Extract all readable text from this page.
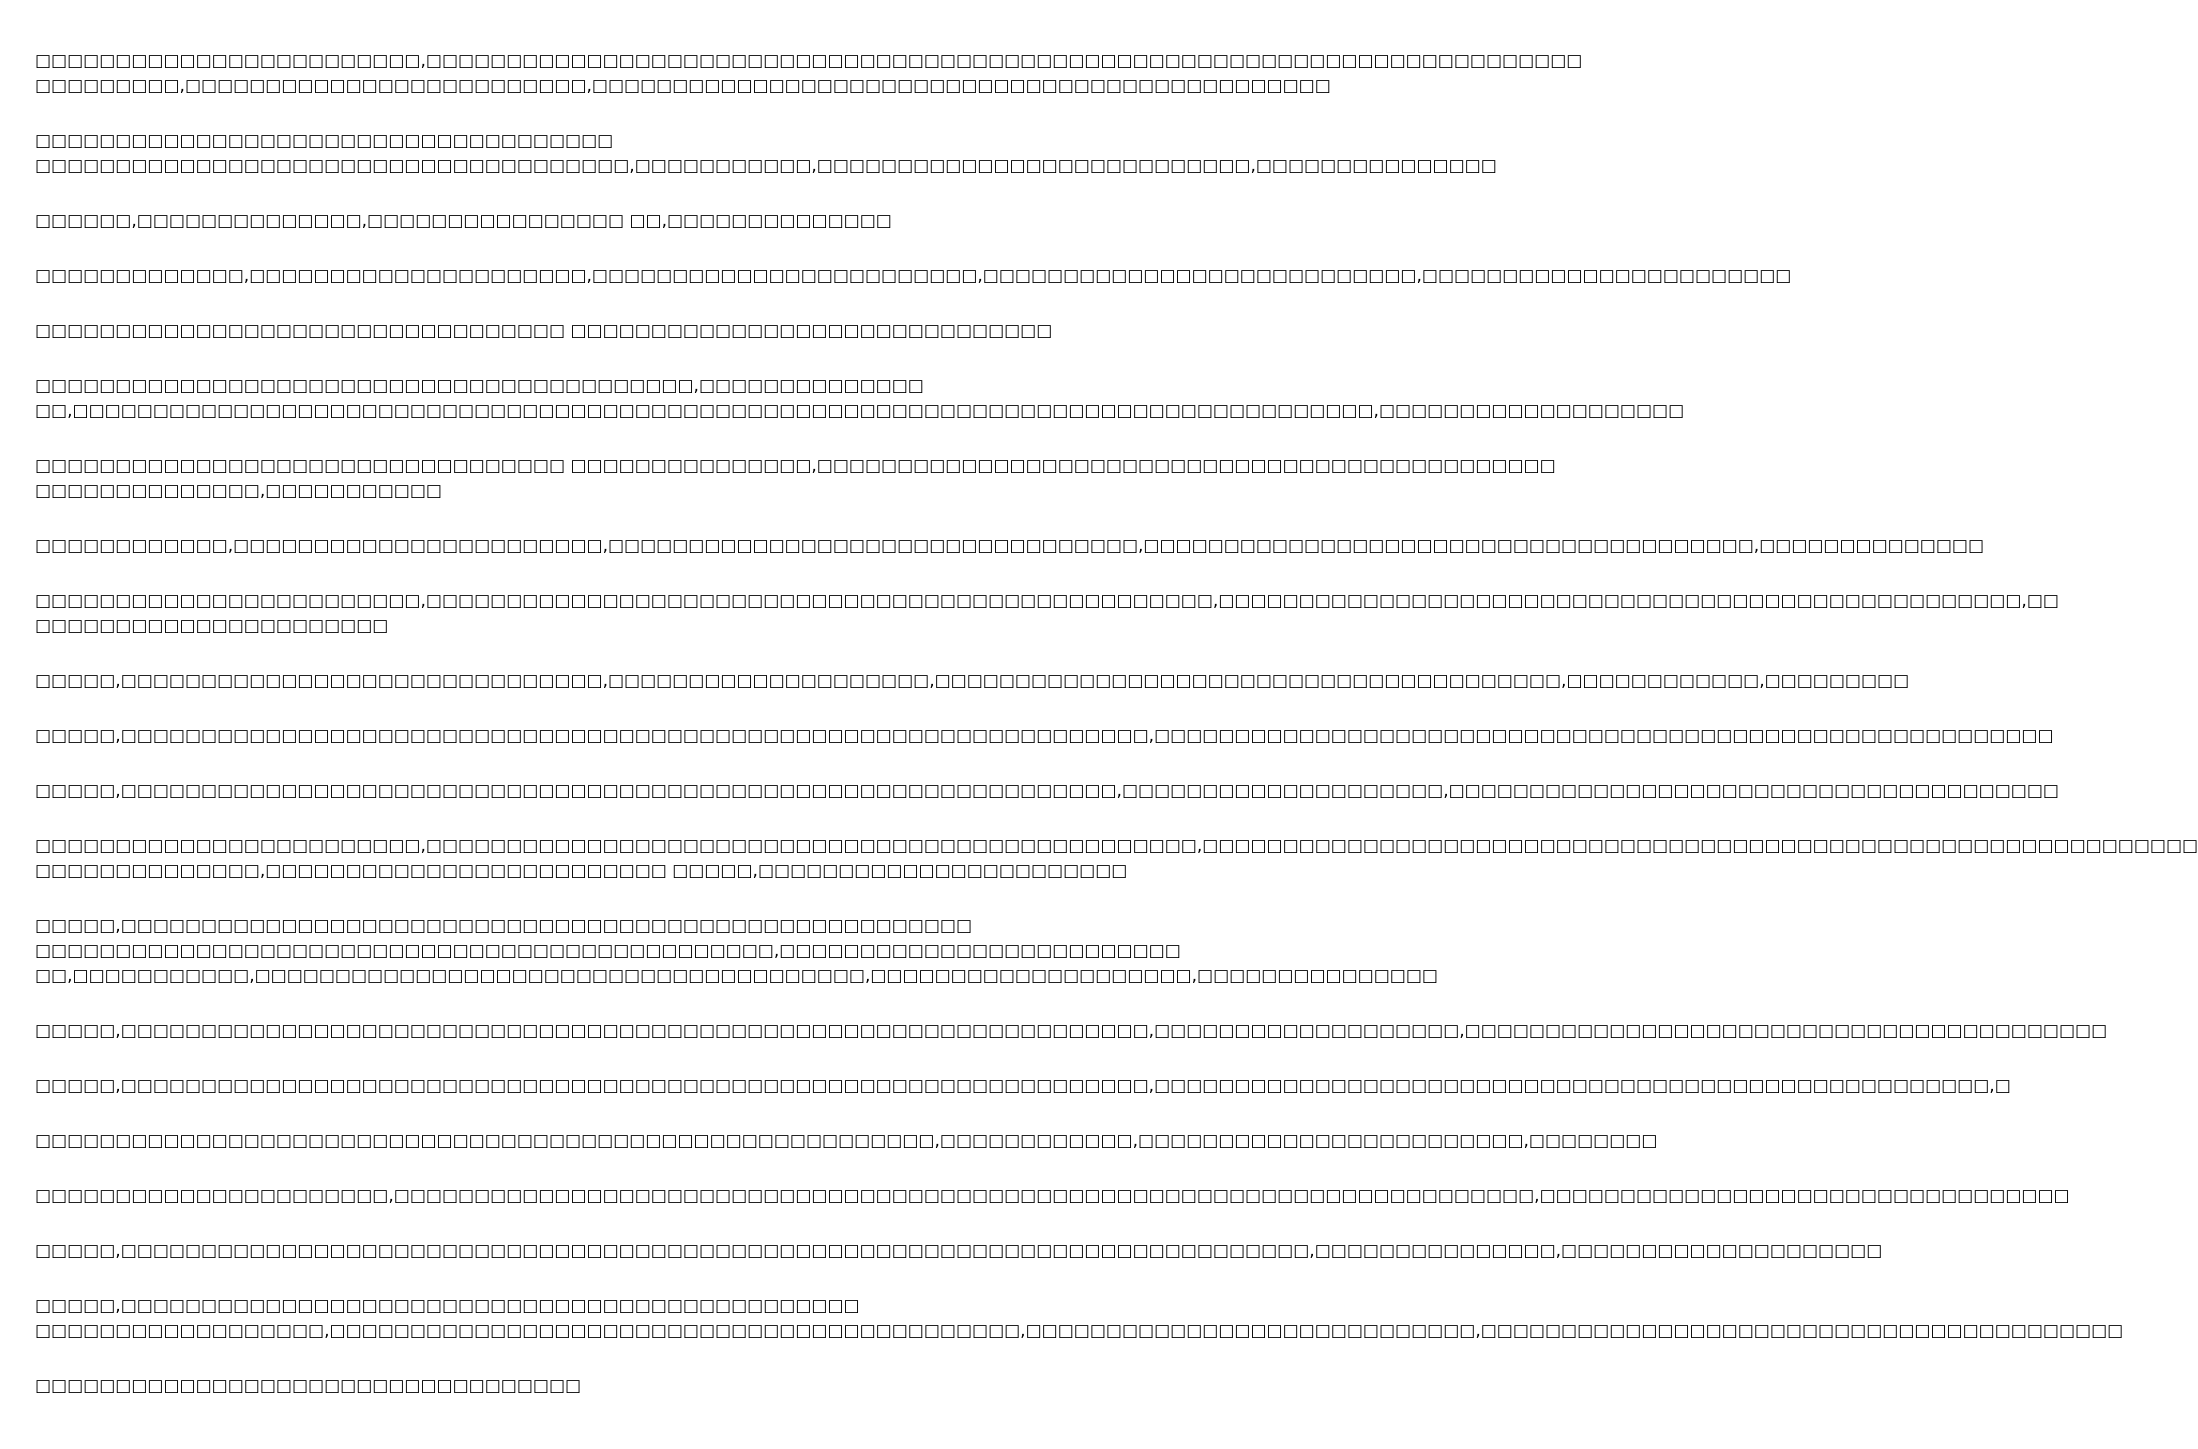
□□□□□□□□□□□□□□□□□□□□□□□□,□□□□□□□□□□□□□□□□□□□□□□□□□□□□□□□□□□□□□□□□□□□□□□□□□□□□□□□□□□□□□□□□□□□□□□□□
□□□□□□□□□,□□□□□□□□□□□□□□□□□□□□□□□□□,□□□□□□□□□□□□□□□□□□□□□□□□□□□□□□□□□□□□□□□□□□□□□□
□□□□□□□□□□□□□□□□□□□□□□□□□□□□□□□□□□□□
□□□□□□□□□□□□□□□□□□□□□□□□□□□□□□□□□□□□□,□□□□□□□□□□□,□□□□□□□□□□□□□□□□□□□□□□□□□□□,□□□□□□□□□□□□□□□
□□□□□□,□□□□□□□□□□□□□□,□□□□□□□□□□□□□□□□ □□,□□□□□□□□□□□□□□
□□□□□□□□□□□□□,□□□□□□□□□□□□□□□□□□□□□,□□□□□□□□□□□□□□□□□□□□□□□□,□□□□□□□□□□□□□□□□□□□□□□□□□□□,□□□□□□□□□□□□□□□□□□□□□□□
□□□□□□□□□□□□□□□□□□□□□□□□□□□□□□□□□ □□□□□□□□□□□□□□□□□□□□□□□□□□□□□□
□□□□□□□□□□□□□□□□□□□□□□□□□□□□□□□□□□□□□□□□□,□□□□□□□□□□□□□□
□□,□□□□□□□□□□□□□□□□□□□□□□□□□□□□□□□□□□□□□□□□□□□□□□□□□□□□□□□□□□□□□□□□□□□□□□□□□□□□□□□□□,□□□□□□□□□□□□□□□□□□□
□□□□□□□□□□□□□□□□□□□□□□□□□□□□□□□□□ □□□□□□□□□□□□□□□,□□□□□□□□□□□□□□□□□□□□□□□□□□□□□□□□□□□□□□□□□□□□□□
□□□□□□□□□□□□□□,□□□□□□□□□□□
□□□□□□□□□□□□,□□□□□□□□□□□□□□□□□□□□□□□,□□□□□□□□□□□□□□□□□□□□□□□□□□□□□□□□□,□□□□□□□□□□□□□□□□□□□□□□□□□□□□□□□□□□□□□□,□□□□□□□□□□□□□□
□□□□□□□□□□□□□□□□□□□□□□□□,□□□□□□□□□□□□□□□□□□□□□□□□□□□□□□□□□□□□□□□□□□□□□□□□□,□□□□□□□□□□□□□□□□□□□□□□□□□□□□□□□□□□□□□□□□□□□□□□□□□□,□□
□□□□□□□□□□□□□□□□□□□□□□
□□□□□,□□□□□□□□□□□□□□□□□□□□□□□□□□□□□□,□□□□□□□□□□□□□□□□□□□□,□□□□□□□□□□□□□□□□□□□□□□□□□□□□□□□□□□□□□□□,□□□□□□□□□□□□,□□□□□□□□□
□□□□□,□□□□□□□□□□□□□□□□□□□□□□□□□□□□□□□□□□□□□□□□□□□□□□□□□□□□□□□□□□□□□□□□,□□□□□□□□□□□□□□□□□□□□□□□□□□□□□□□□□□□□□□□□□□□□□□□□□□□□□□□□
□□□□□,□□□□□□□□□□□□□□□□□□□□□□□□□□□□□□□□□□□□□□□□□□□□□□□□□□□□□□□□□□□□□□,□□□□□□□□□□□□□□□□□□□□,□□□□□□□□□□□□□□□□□□□□□□□□□□□□□□□□□□□□□□
□□□□□□□□□□□□□□□□□□□□□□□□,□□□□□□□□□□□□□□□□□□□□□□□□□□□□□□□□□□□□□□□□□□□□□□□□,□□□□□□□□□□□□□□□□□□□□□□□□□□□□□□□□□□□□□□□□□□□□□□□□□□□□□□□□□□□□□□
□□□□□□□□□□□□□□,□□□□□□□□□□□□□□□□□□□□□□□□□ □□□□□,□□□□□□□□□□□□□□□□□□□□□□□
□□□□□,□□□□□□□□□□□□□□□□□□□□□□□□□□□□□□□□□□□□□□□□□□□□□□□□□□□□□
□□□□□□□□□□□□□□□□□□□□□□□□□□□□□□□□□□□□□□□□□□□□□□,□□□□□□□□□□□□□□□□□□□□□□□□□
□□,□□□□□□□□□□□,□□□□□□□□□□□□□□□□□□□□□□□□□□□□□□□□□□□□□□,□□□□□□□□□□□□□□□□□□□□,□□□□□□□□□□□□□□□
□□□□□,□□□□□□□□□□□□□□□□□□□□□□□□□□□□□□□□□□□□□□□□□□□□□□□□□□□□□□□□□□□□□□□□,□□□□□□□□□□□□□□□□□□□,□□□□□□□□□□□□□□□□□□□□□□□□□□□□□□□□□□□□□□□□
□□□□□,□□□□□□□□□□□□□□□□□□□□□□□□□□□□□□□□□□□□□□□□□□□□□□□□□□□□□□□□□□□□□□□□,□□□□□□□□□□□□□□□□□□□□□□□□□□□□□□□□□□□□□□□□□□□□□□□□□□□□,□
□□□□□□□□□□□□□□□□□□□□□□□□□□□□□□□□□□□□□□□□□□□□□□□□□□□□□□□□,□□□□□□□□□□□□,□□□□□□□□□□□□□□□□□□□□□□□□,□□□□□□□□
□□□□□□□□□□□□□□□□□□□□□□,□□□□□□□□□□□□□□□□□□□□□□□□□□□□□□□□□□□□□□□□□□□□□□□□□□□□□□□□□□□□□□□□□□□□□□□,□□□□□□□□□□□□□□□□□□□□□□□□□□□□□□□□□
□□□□□,□□□□□□□□□□□□□□□□□□□□□□□□□□□□□□□□□□□□□□□□□□□□□□□□□□□□□□□□□□□□□□□□□□□□□□□□□□,□□□□□□□□□□□□□□□,□□□□□□□□□□□□□□□□□□□□
□□□□□,□□□□□□□□□□□□□□□□□□□□□□□□□□□□□□□□□□□□□□□□□□□□□□
□□□□□□□□□□□□□□□□□□,□□□□□□□□□□□□□□□□□□□□□□□□□□□□□□□□□□□□□□□□□□□,□□□□□□□□□□□□□□□□□□□□□□□□□□□□,□□□□□□□□□□□□□□□□□□□□□□□□□□□□□□□□□□□□□□□□
□□□□□□□□□□□□□□□□□□□□□□□□□□□□□□□□□□
